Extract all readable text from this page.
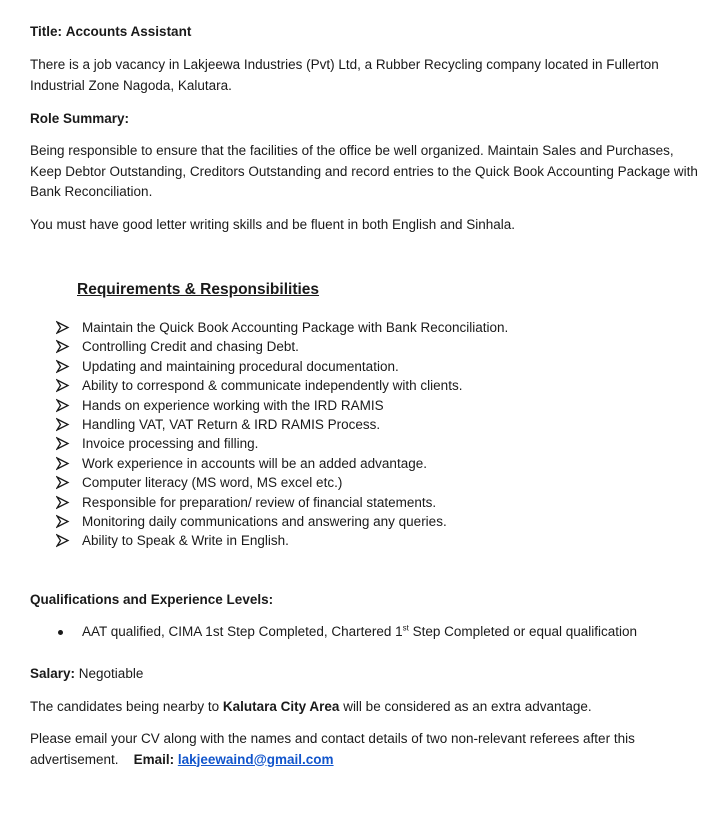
Title: Accounts Assistant
There is a job vacancy in Lakjeewa Industries (Pvt) Ltd, a Rubber Recycling company located in Fullerton Industrial Zone Nagoda, Kalutara.
Role Summary:
Being responsible to ensure that the facilities of the office be well organized. Maintain Sales and Purchases, Keep Debtor Outstanding, Creditors Outstanding and record entries to the Quick Book Accounting Package with Bank Reconciliation.
You must have good letter writing skills and be fluent in both English and Sinhala.
Requirements & Responsibilities
Maintain the Quick Book Accounting Package with Bank Reconciliation.
Controlling Credit and chasing Debt.
Updating and maintaining procedural documentation.
Ability to correspond & communicate independently with clients.
Hands on experience working with the IRD RAMIS
Handling VAT, VAT Return & IRD RAMIS Process.
Invoice processing and filling.
Work experience in accounts will be an added advantage.
Computer literacy (MS word, MS excel etc.)
Responsible for preparation/ review of financial statements.
Monitoring daily communications and answering any queries.
Ability to Speak & Write in English.
Qualifications and Experience Levels:
AAT qualified, CIMA 1st Step Completed, Chartered 1st Step Completed or equal qualification
Salary: Negotiable
The candidates being nearby to Kalutara City Area will be considered as an extra advantage.
Please email your CV along with the names and contact details of two non-relevant referees after this advertisement. Email: lakjeewaind@gmail.com
